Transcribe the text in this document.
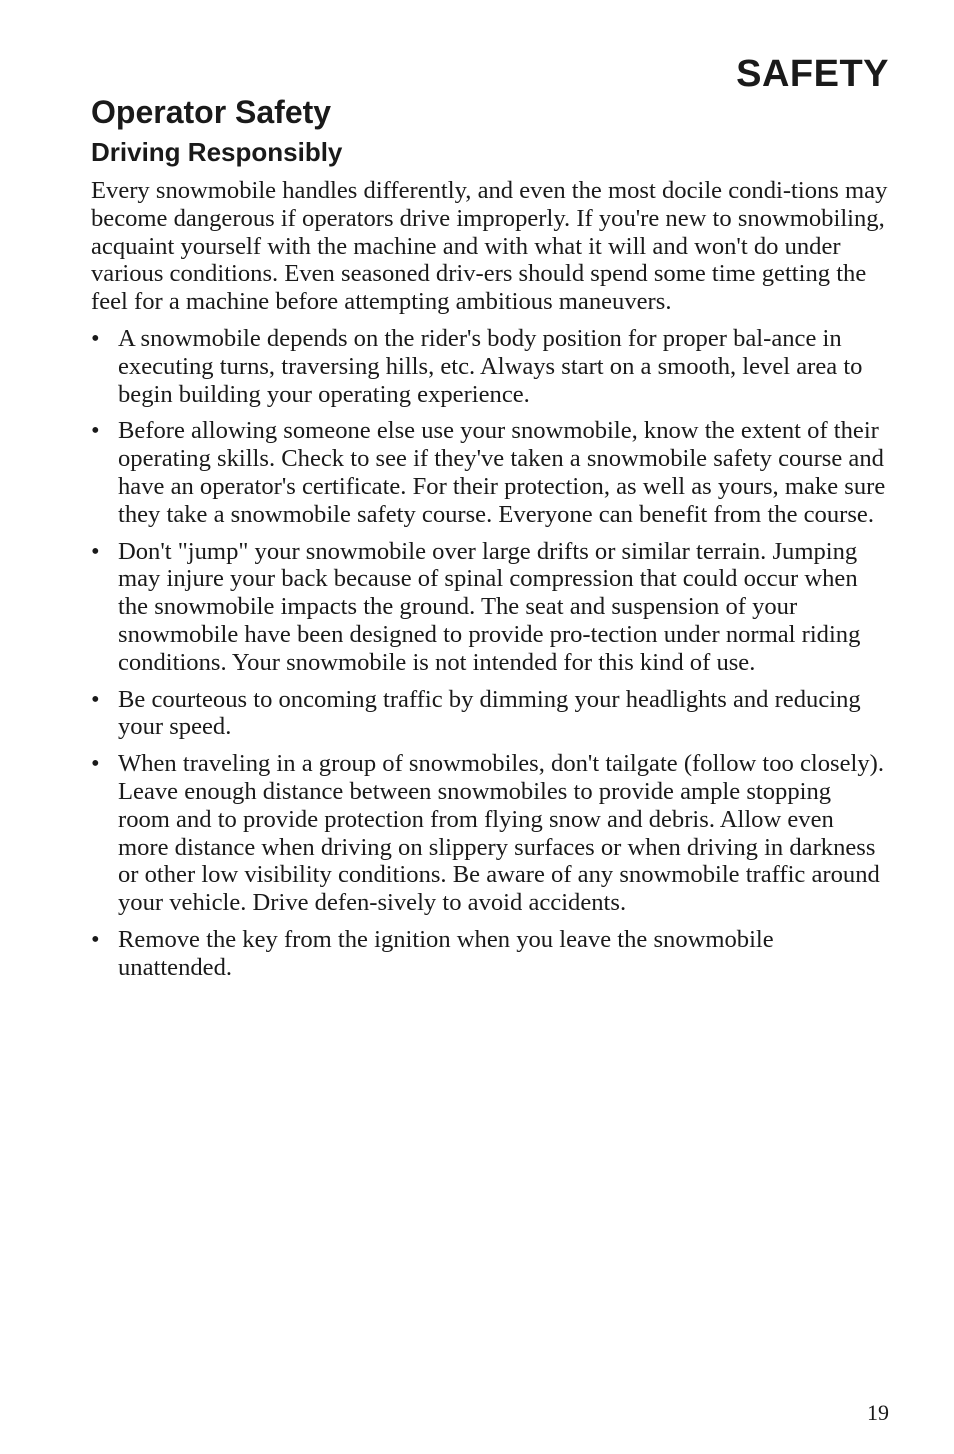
SAFETY
Operator Safety
Driving Responsibly

Every snowmobile handles differently, and even the most docile condi-tions may become dangerous if operators drive improperly. If you're new to snowmobiling, acquaint yourself with the machine and with what it will and won't do under various conditions. Even seasoned driv-ers should spend some time getting the feel for a machine before attempting ambitious maneuvers.

• A snowmobile depends on the rider's body position for proper bal-ance in executing turns, traversing hills, etc. Always start on a smooth, level area to begin building your operating experience.
• Before allowing someone else use your snowmobile, know the extent of their operating skills. Check to see if they've taken a snowmobile safety course and have an operator's certificate. For their protection, as well as yours, make sure they take a snowmobile safety course. Everyone can benefit from the course.
• Don't "jump" your snowmobile over large drifts or similar terrain. Jumping may injure your back because of spinal compression that could occur when the snowmobile impacts the ground. The seat and suspension of your snowmobile have been designed to provide pro-tection under normal riding conditions. Your snowmobile is not intended for this kind of use.
• Be courteous to oncoming traffic by dimming your headlights and reducing your speed.
• When traveling in a group of snowmobiles, don't tailgate (follow too closely). Leave enough distance between snowmobiles to provide ample stopping room and to provide protection from flying snow and debris. Allow even more distance when driving on slippery surfaces or when driving in darkness or other low visibility conditions. Be aware of any snowmobile traffic around your vehicle. Drive defen-sively to avoid accidents.
• Remove the key from the ignition when you leave the snowmobile unattended.

19
